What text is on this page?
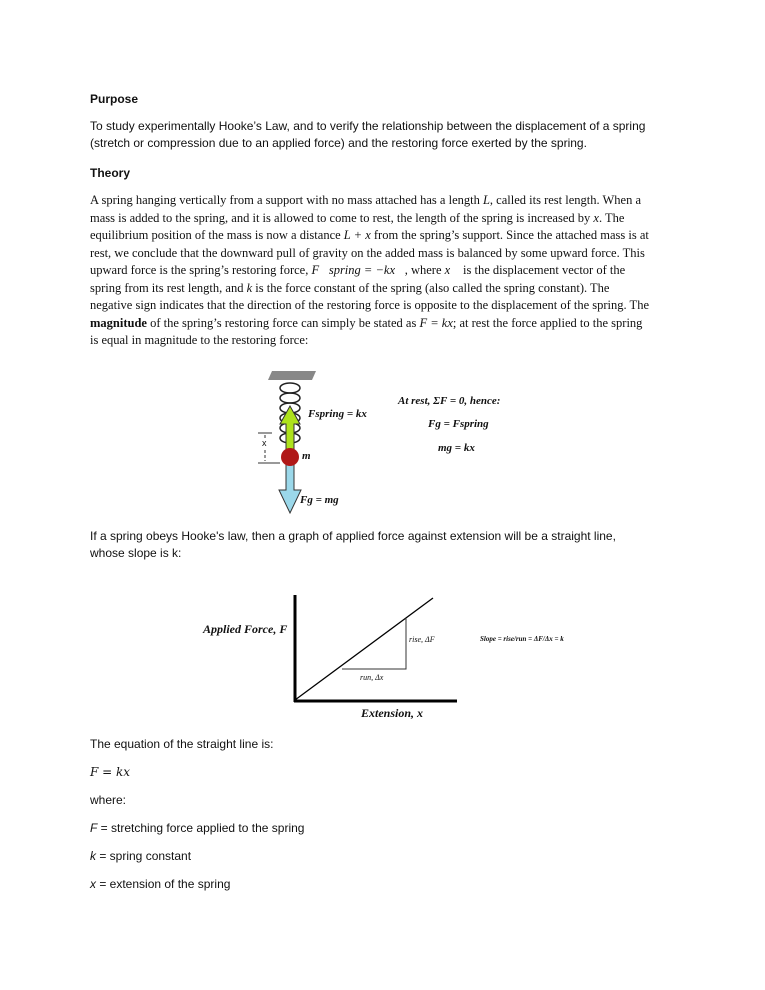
Purpose
To study experimentally Hooke’s Law, and to verify the relationship between the displacement of a spring (stretch or compression due to an applied force) and the restoring force exerted by the spring.
Theory
A spring hanging vertically from a support with no mass attached has a length L, called its rest length. When a mass is added to the spring, and it is allowed to come to rest, the length of the spring is increased by x. The equilibrium position of the mass is now a distance L + x from the spring’s support. Since the attached mass is at rest, we conclude that the downward pull of gravity on the added mass is balanced by some upward force. This upward force is the spring’s restoring force, F⃗spring = −kx⃗, where x⃗ is the displacement vector of the spring from its rest length, and k is the force constant of the spring (also called the spring constant). The negative sign indicates that the direction of the restoring force is opposite to the displacement of the spring. The magnitude of the spring’s restoring force can simply be stated as F = kx; at rest the force applied to the spring is equal in magnitude to the restoring force:
Fspring = kx
x
m
Fg = mg
At rest, ΣF = 0, hence:
Fg = Fspring
mg = kx
If a spring obeys Hooke's law, then a graph of applied force against extension will be a straight line, whose slope is k:
Applied Force, F
Extension, x
rise, ΔF
run, Δx
Slope = rise/run = ΔF/Δx = k
The equation of the straight line is:
F = kx
where:
F = stretching force applied to the spring
k = spring constant
x = extension of the spring
